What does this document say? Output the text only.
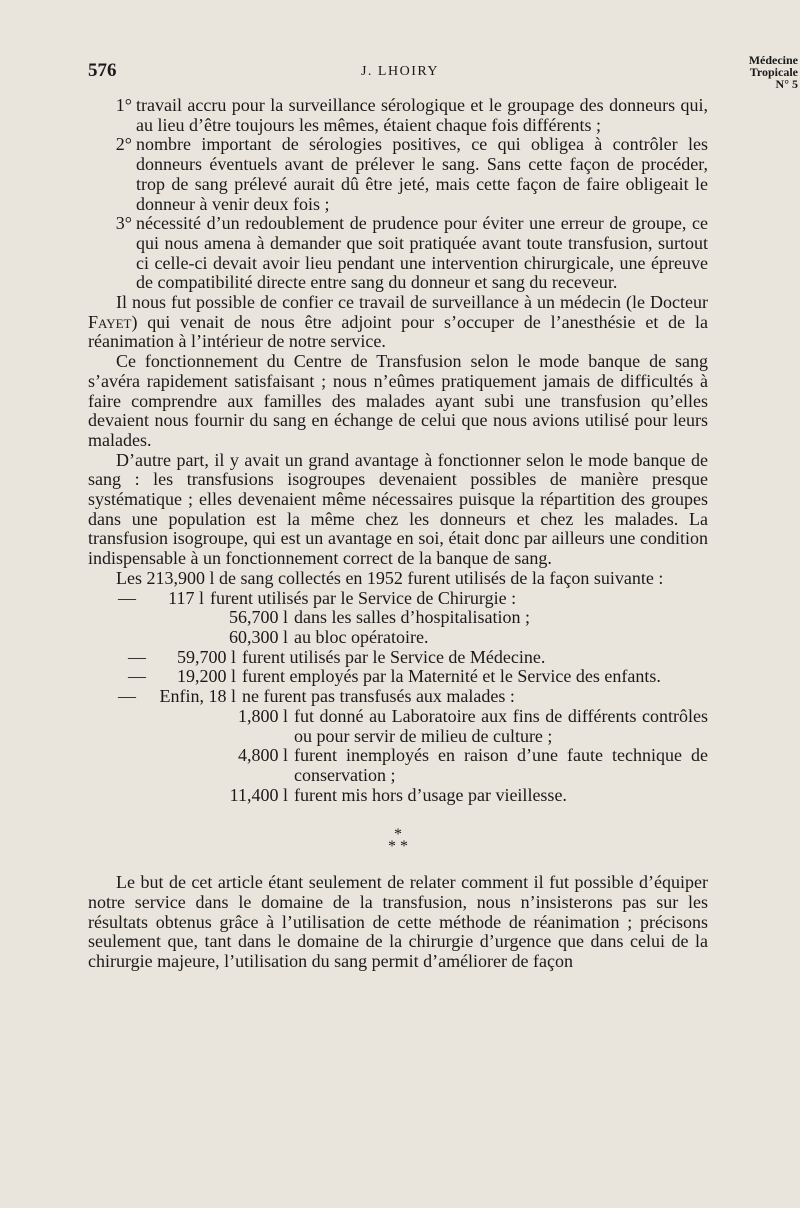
576	J. LHOIRY
Médecine
Tropicale
N° 5
1° travail accru pour la surveillance sérologique et le groupage des donneurs qui, au lieu d’être toujours les mêmes, étaient chaque fois différents ;
2° nombre important de sérologies positives, ce qui obligea à contrôler les donneurs éventuels avant de prélever le sang. Sans cette façon de procéder, trop de sang prélevé aurait dû être jeté, mais cette façon de faire obligeait le donneur à venir deux fois ;
3° nécessité d’un redoublement de prudence pour éviter une erreur de groupe, ce qui nous amena à demander que soit pratiquée avant toute transfusion, surtout ci celle-ci devait avoir lieu pendant une intervention chirurgicale, une épreuve de compatibilité directe entre sang du donneur et sang du receveur.

Il nous fut possible de confier ce travail de surveillance à un médecin (le Docteur Fayet) qui venait de nous être adjoint pour s’occuper de l’anesthésie et de la réanimation à l’intérieur de notre service.

Ce fonctionnement du Centre de Transfusion selon le mode banque de sang s’avéra rapidement satisfaisant ; nous n’eûmes pratiquement jamais de difficultés à faire comprendre aux familles des malades ayant subi une transfusion qu’elles devaient nous fournir du sang en échange de celui que nous avions utilisé pour leurs malades.

D’autre part, il y avait un grand avantage à fonctionner selon le mode banque de sang : les transfusions isogroupes devenaient possibles de manière presque systématique ; elles devenaient même nécessaires puisque la répartition des groupes dans une population est la même chez les donneurs et chez les malades. La transfusion isogroupe, qui est un avantage en soi, était donc par ailleurs une condition indispensable à un fonctionnement correct de la banque de sang.

Les 213,900 l de sang collectés en 1952 furent utilisés de la façon suivante :

—	117 l furent utilisés par le Service de Chirurgie :
56,700 l dans les salles d’hospitalisation ;
60,300 l au bloc opératoire.
—	59,700 l furent utilisés par le Service de Médecine.
—	19,200 l furent employés par la Maternité et le Service des enfants.
—	Enfin, 18 l ne furent pas transfusés aux malades :
1,800 l fut donné au Laboratoire aux fins de différents contrôles ou pour servir de milieu de culture ;
4,800 l furent inemployés en raison d’une faute technique de conservation ;
11,400 l furent mis hors d’usage par vieillesse.
*
* *

Le but de cet article étant seulement de relater comment il fut possible d’équiper notre service dans le domaine de la transfusion, nous n’insisterons pas sur les résultats obtenus grâce à l’utilisation de cette méthode de réanimation ; précisons seulement que, tant dans le domaine de la chirurgie d’urgence que dans celui de la chirurgie majeure, l’utilisation du sang permit d’améliorer de façon
